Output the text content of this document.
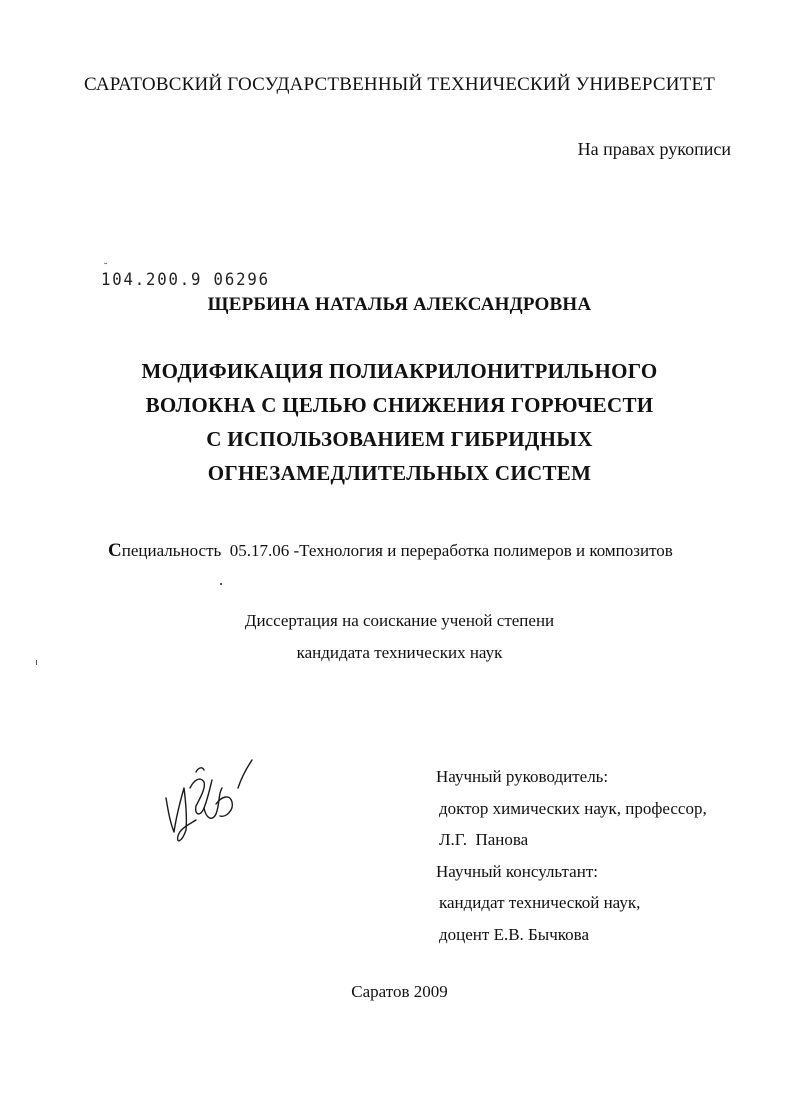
САРАТОВСКИЙ ГОСУДАРСТВЕННЫЙ ТЕХНИЧЕСКИЙ УНИВЕРСИТЕТ
На правах рукописи
˘
104.200.9 06296
ЩЕРБИНА НАТАЛЬЯ АЛЕКСАНДРОВНА
МОДИФИКАЦИЯ ПОЛИАКРИЛОНИТРИЛЬНОГО
ВОЛОКНА С ЦЕЛЬЮ СНИЖЕНИЯ ГОРЮЧЕСТИ
С ИСПОЛЬЗОВАНИЕМ ГИБРИДНЫХ
ОГНЕЗАМЕДЛИТЕЛЬНЫХ СИСТЕМ
Специальность 05.17.06 -Технология и переработка полимеров и композитов
Диссертация на соискание ученой степени
кандидата технических наук
Научный руководитель:
доктор химических наук, профессор,
Л.Г.  Панова
Научный консультант:
кандидат технической наук,
доцент Е.В. Бычкова
Саратов 2009
